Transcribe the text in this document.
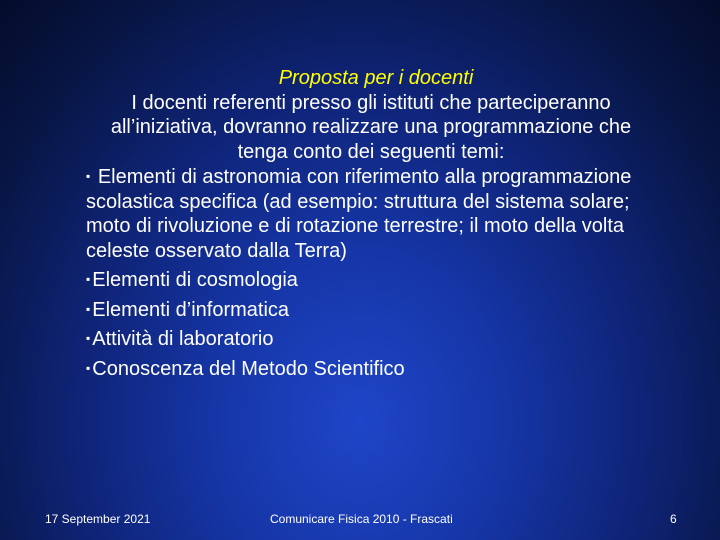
Proposta per i docenti

I docenti referenti presso gli istituti che parteciperanno all’iniziativa, dovranno realizzare una programmazione che tenga conto dei seguenti temi:

▪ Elementi di astronomia con riferimento alla programmazione scolastica specifica (ad esempio: struttura del sistema solare; moto di rivoluzione e di rotazione terrestre; il moto della volta celeste osservato dalla Terra)

▪ Elementi di cosmologia

▪ Elementi d’informatica

▪ Attività di laboratorio

▪ Conoscenza del Metodo Scientifico

17 September 2021	Comunicare Fisica 2010 - Frascati	6
